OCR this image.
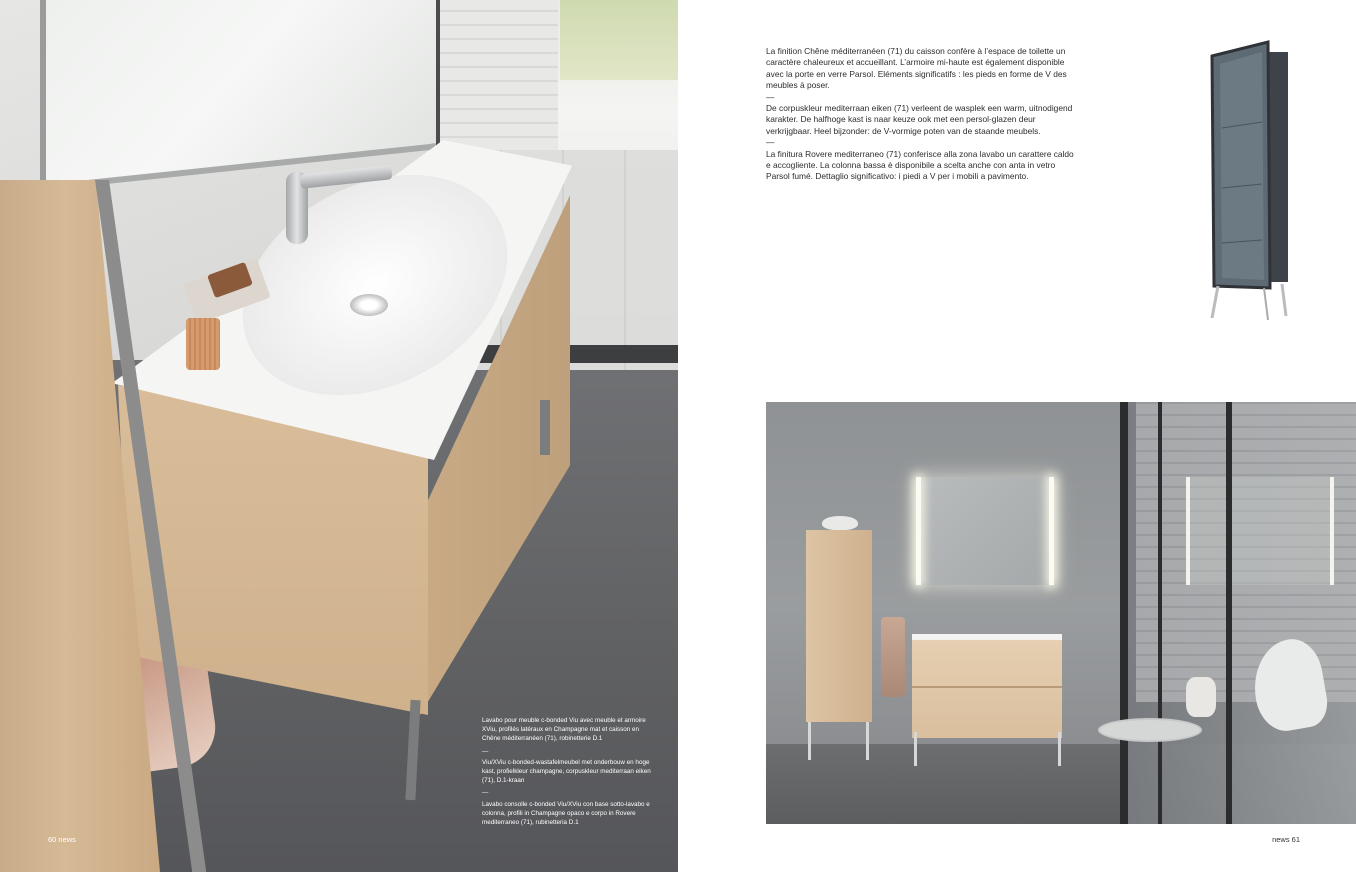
Lavabo pour meuble c-bonded Viu avec meuble et armoire XViu, profilés latéraux en Champagne mat et caisson en Chêne méditerranéen (71), robinetterie D.1

—

Viu/XViu c-bonded-wastafelmeubel met onderbouw en hoge kast, profielkleur champagne, corpuskleur mediterraan eiken (71), D.1-kraan

—

Lavabo consolle c-bonded Viu/XViu con base sotto-lavabo e colonna, profili in Champagne opaco e corpo in Rovere mediterraneo (71), rubinetteria D.1

60 news

La finition Chêne méditerranéen (71) du caisson confère à l’espace de toilette un caractère chaleureux et accueillant. L’armoire mi-haute est également disponible avec la porte en verre Parsol. Eléments significatifs : les pieds en forme de V des meubles à poser.

—

De corpuskleur mediterraan eiken (71) verleent de wasplek een warm, uitnodigend karakter. De halfhoge kast is naar keuze ook met een persol-glazen deur verkrijgbaar. Heel bijzonder: de V-vormige poten van de staande meubels.

—

La finitura Rovere mediterraneo (71) conferisce alla zona lavabo un carattere caldo e accogliente. La colonna bassa è disponibile a scelta anche con anta in vetro Parsol fumé. Dettaglio significativo: i piedi a V per i mobili a pavimento.

news 61
